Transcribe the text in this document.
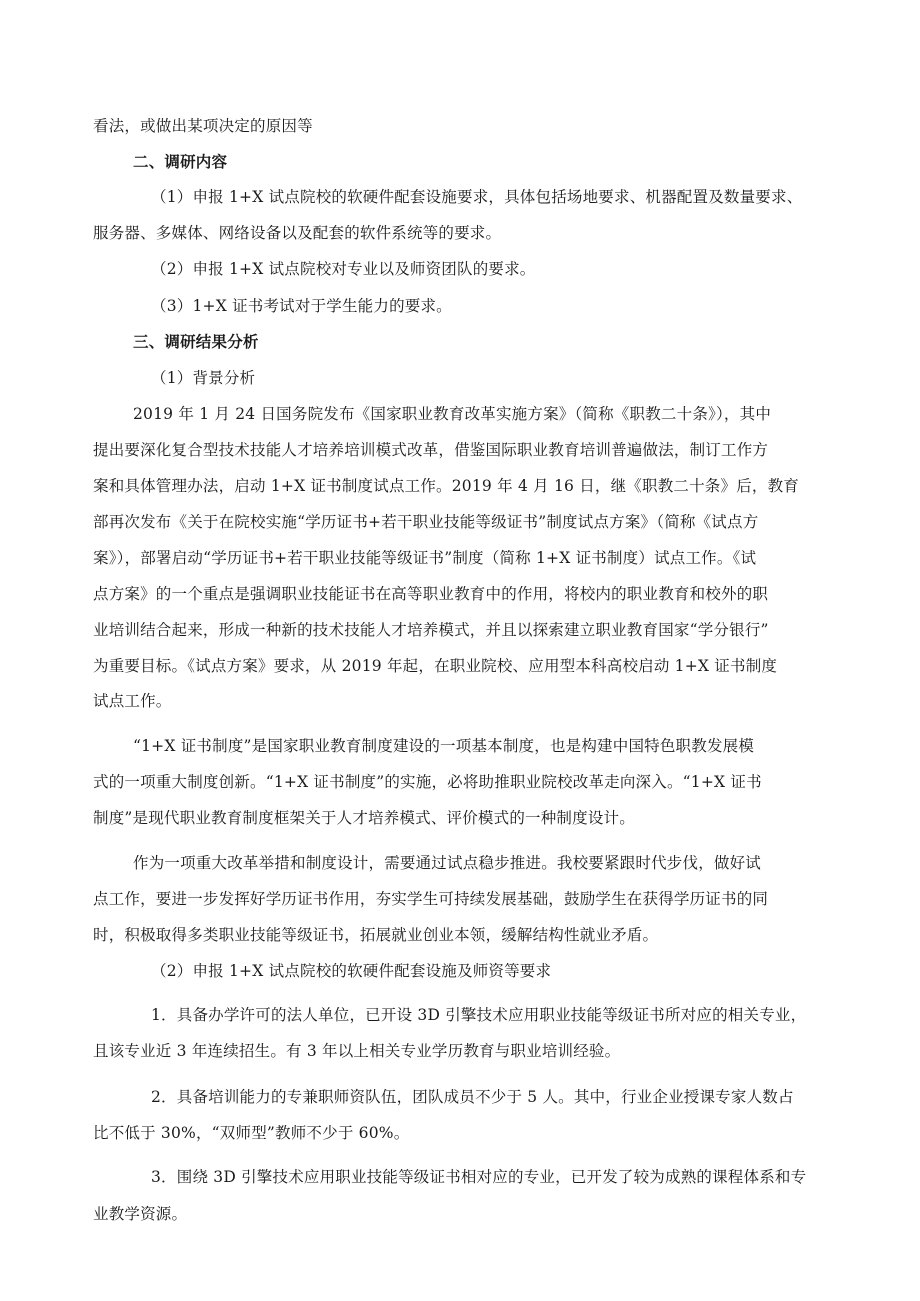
看法，或做出某项决定的原因等
二、调研内容
（1）申报 1+X 试点院校的软硬件配套设施要求，具体包括场地要求、机器配置及数量要求、
服务器、多媒体、网络设备以及配套的软件系统等的要求。
（2）申报 1+X 试点院校对专业以及师资团队的要求。
（3）1+X 证书考试对于学生能力的要求。
三、调研结果分析
（1）背景分析
2019 年 1 月 24 日国务院发布《国家职业教育改革实施方案》（简称《职教二十条》），其中
提出要深化复合型技术技能人才培养培训模式改革，借鉴国际职业教育培训普遍做法，制订工作方
案和具体管理办法，启动 1+X 证书制度试点工作。2019 年 4 月 16 日，继《职教二十条》后，教育
部再次发布《关于在院校实施“学历证书+若干职业技能等级证书”制度试点方案》（简称《试点方
案》），部署启动“学历证书+若干职业技能等级证书”制度（简称 1+X 证书制度）试点工作。《试
点方案》的一个重点是强调职业技能证书在高等职业教育中的作用，将校内的职业教育和校外的职
业培训结合起来，形成一种新的技术技能人才培养模式，并且以探索建立职业教育国家“学分银行”
为重要目标。《试点方案》要求，从 2019 年起，在职业院校、应用型本科高校启动 1+X 证书制度
试点工作。
“1+X 证书制度”是国家职业教育制度建设的一项基本制度，也是构建中国特色职教发展模
式的一项重大制度创新。“1+X 证书制度”的实施，必将助推职业院校改革走向深入。“1+X 证书
制度”是现代职业教育制度框架关于人才培养模式、评价模式的一种制度设计。
作为一项重大改革举措和制度设计，需要通过试点稳步推进。我校要紧跟时代步伐，做好试
点工作，要进一步发挥好学历证书作用，夯实学生可持续发展基础，鼓励学生在获得学历证书的同
时，积极取得多类职业技能等级证书，拓展就业创业本领，缓解结构性就业矛盾。
（2）申报 1+X 试点院校的软硬件配套设施及师资等要求
1．具备办学许可的法人单位，已开设 3D 引擎技术应用职业技能等级证书所对应的相关专业，
且该专业近 3 年连续招生。有 3 年以上相关专业学历教育与职业培训经验。
2．具备培训能力的专兼职师资队伍，团队成员不少于 5 人。其中，行业企业授课专家人数占
比不低于 30%，“双师型”教师不少于 60%。
3．围绕 3D 引擎技术应用职业技能等级证书相对应的专业，已开发了较为成熟的课程体系和专
业教学资源。
